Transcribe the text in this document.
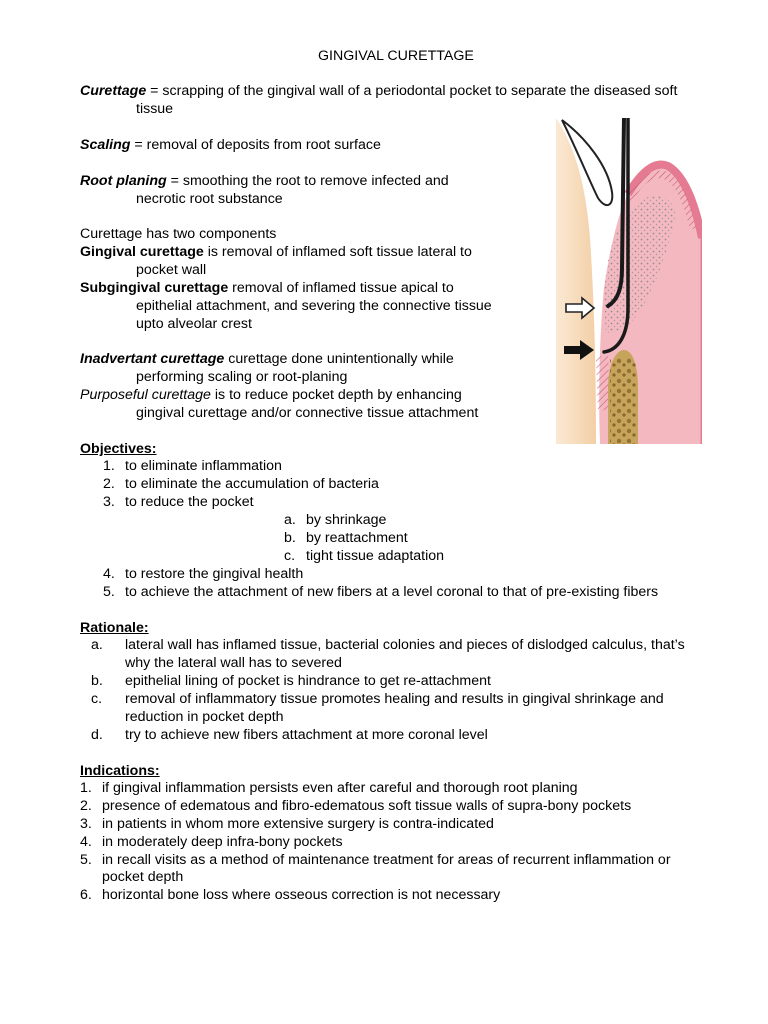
GINGIVAL CURETTAGE
Curettage = scrapping of the gingival wall of a periodontal pocket to separate the diseased soft
tissue
Scaling = removal of deposits from root surface
Root planing = smoothing the root to remove infected and
necrotic root substance
Curettage has two components
Gingival curettage is removal of inflamed soft tissue lateral to
pocket wall
Subgingival curettage removal of inflamed tissue apical to
epithelial attachment, and severing the connective tissue
upto alveolar crest
Inadvertant curettage curettage done unintentionally while
performing scaling or root-planing
Purposeful curettage is to reduce pocket depth by enhancing
gingival curettage and/or connective tissue attachment
Objectives:
1. to eliminate inflammation
2. to eliminate the accumulation of bacteria
3. to reduce the pocket
a. by shrinkage
b. by reattachment
c. tight tissue adaptation
4. to restore the gingival health
5. to achieve the attachment of new fibers at a level coronal to that of pre-existing fibers
Rationale:
a. lateral wall has inflamed tissue, bacterial colonies and pieces of dislodged calculus, that’s
why the lateral wall has to severed
b. epithelial lining of pocket is hindrance to get re-attachment
c. removal of inflammatory tissue promotes healing and results in gingival shrinkage and
reduction in pocket depth
d. try to achieve new fibers attachment at more coronal level
Indications:
1. if gingival inflammation persists even after careful and thorough root planing
2. presence of edematous and fibro-edematous soft tissue walls of supra-bony pockets
3. in patients in whom more extensive surgery is contra-indicated
4. in moderately deep infra-bony pockets
5. in recall visits as a method of maintenance treatment for areas of recurrent inflammation or
pocket depth
6. horizontal bone loss where osseous correction is not necessary
